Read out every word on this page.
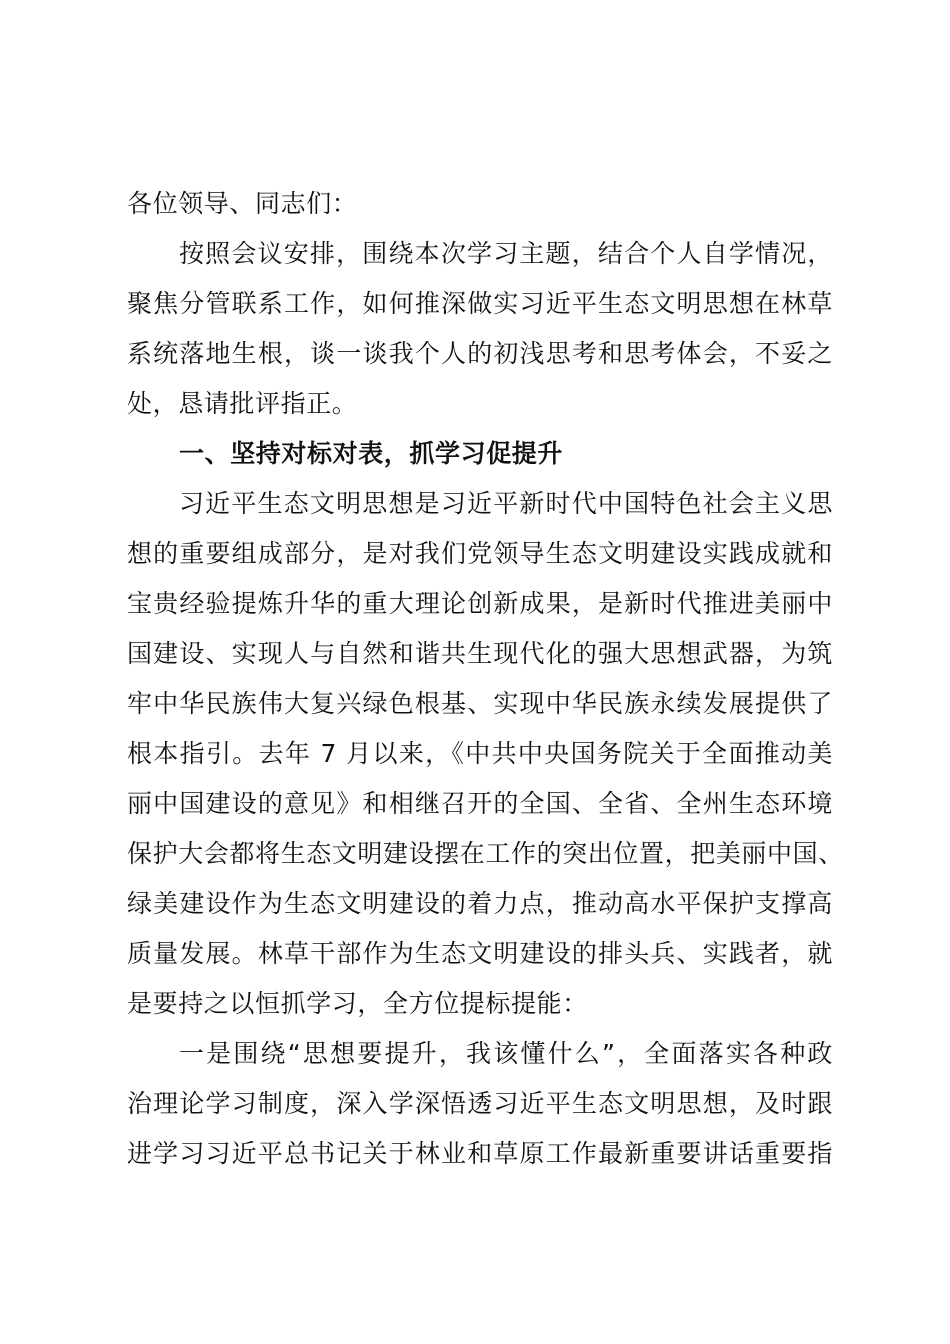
各位领导、同志们：
按照会议安排，围绕本次学习主题，结合个人自学情况，
聚焦分管联系工作，如何推深做实习近平生态文明思想在林草
系统落地生根，谈一谈我个人的初浅思考和思考体会，不妥之
处，恳请批评指正。
一、坚持对标对表，抓学习促提升
习近平生态文明思想是习近平新时代中国特色社会主义思
想的重要组成部分，是对我们党领导生态文明建设实践成就和
宝贵经验提炼升华的重大理论创新成果，是新时代推进美丽中
国建设、实现人与自然和谐共生现代化的强大思想武器，为筑
牢中华民族伟大复兴绿色根基、实现中华民族永续发展提供了
根本指引。去年 7 月以来，《中共中央国务院关于全面推动美
丽中国建设的意见》和相继召开的全国、全省、全州生态环境
保护大会都将生态文明建设摆在工作的突出位置，把美丽中国、
绿美建设作为生态文明建设的着力点，推动高水平保护支撑高
质量发展。林草干部作为生态文明建设的排头兵、实践者，就
是要持之以恒抓学习，全方位提标提能：
一是围绕“思想要提升，我该懂什么”，全面落实各种政
治理论学习制度，深入学深悟透习近平生态文明思想，及时跟
进学习习近平总书记关于林业和草原工作最新重要讲话重要指
